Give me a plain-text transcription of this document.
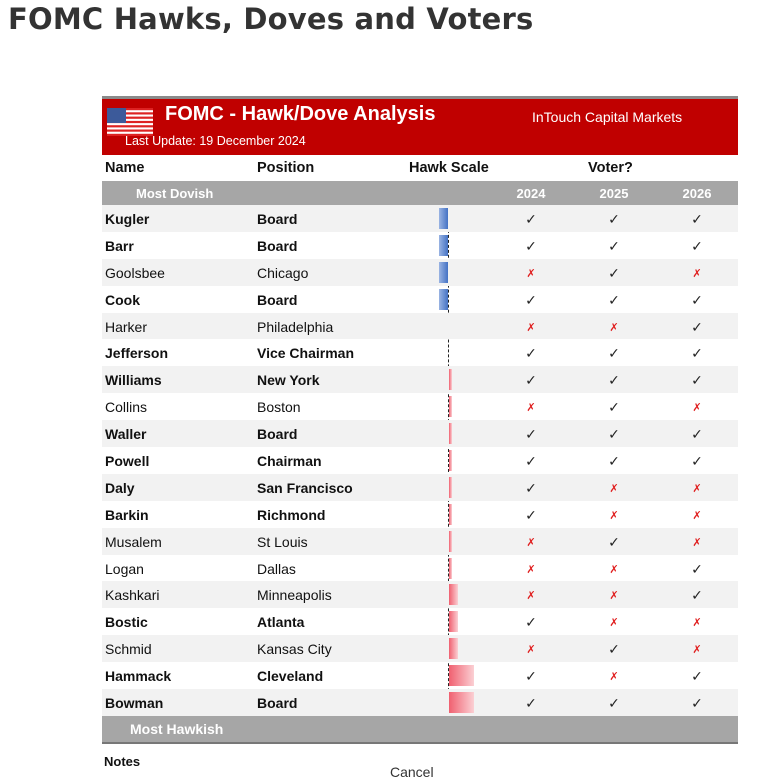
FOMC Hawks, Doves and Voters
FOMC - Hawk/Dove Analysis
Last Update: 19 December 2024
InTouch Capital Markets
Name	Position	Hawk Scale	Voter?
Most Dovish	2024	2025	2026
Kugler	Board	✓	✓	✓
Barr	Board	✓	✓	✓
Goolsbee	Chicago	✗	✓	✗
Cook	Board	✓	✓	✓
Harker	Philadelphia	✗	✗	✓
Jefferson	Vice Chairman	✓	✓	✓
Williams	New York	✓	✓	✓
Collins	Boston	✗	✓	✗
Waller	Board	✓	✓	✓
Powell	Chairman	✓	✓	✓
Daly	San Francisco	✓	✗	✗
Barkin	Richmond	✓	✗	✗
Musalem	St Louis	✗	✓	✗
Logan	Dallas	✗	✗	✓
Kashkari	Minneapolis	✗	✗	✓
Bostic	Atlanta	✓	✗	✗
Schmid	Kansas City	✗	✓	✗
Hammack	Cleveland	✓	✗	✓
Bowman	Board	✓	✓	✓
Most Hawkish
Notes
Cancel
